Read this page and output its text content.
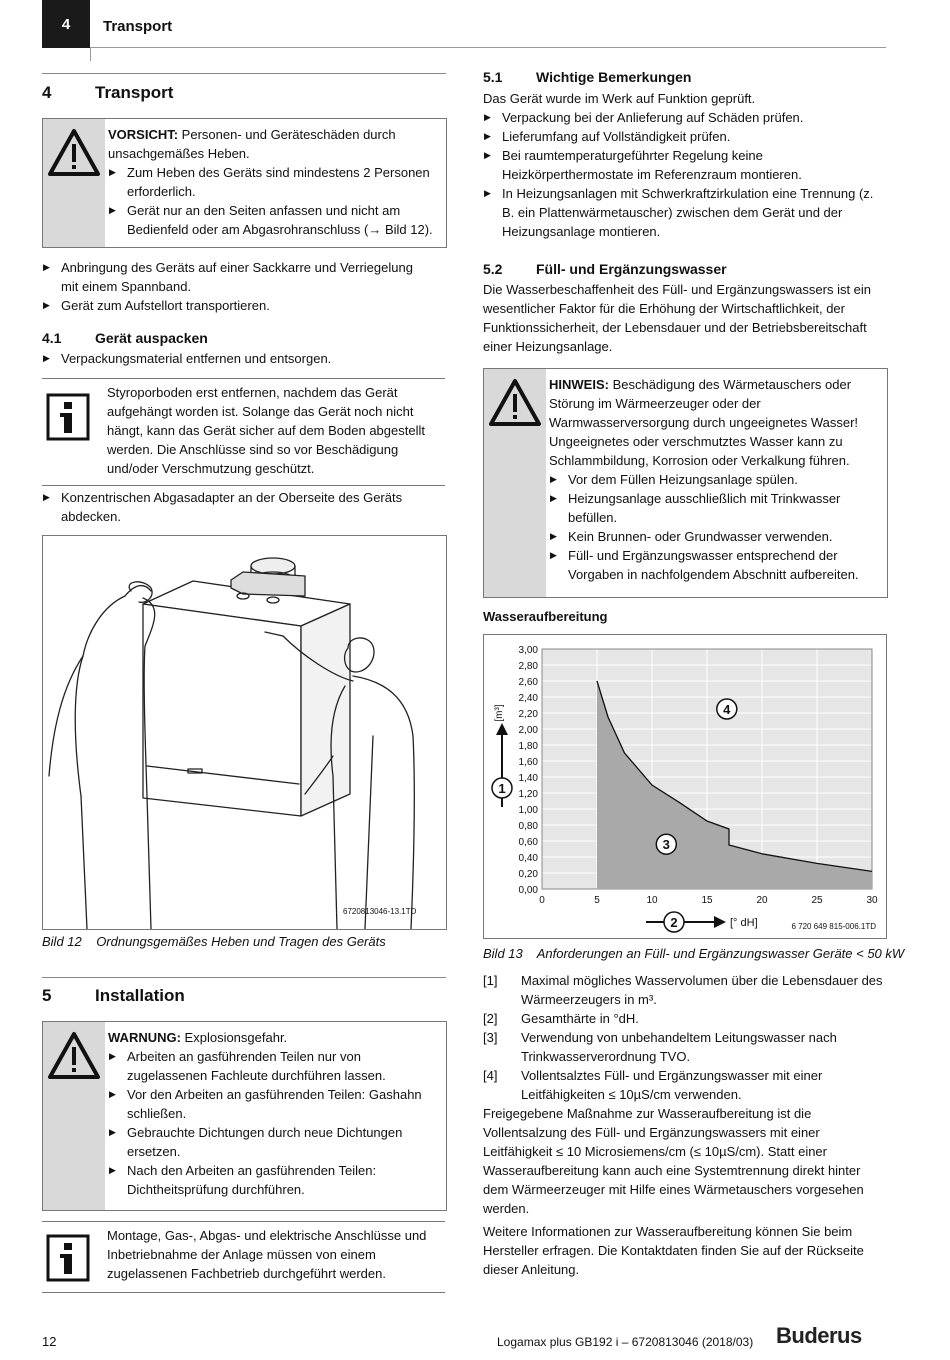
4 Transport
4	Transport

VORSICHT: Personen- und Geräteschäden durch unsachgemäßes Heben.

▶ Zum Heben des Geräts sind mindestens 2 Personen erforderlich.
▶ Gerät nur an den Seiten anfassen und nicht am Bedienfeld oder am Abgasrohranschluss (→ Bild 12).
▶ Anbringung des Geräts auf einer Sackkarre und Verriegelung mit einem Spannband.
▶ Gerät zum Aufstellort transportieren.
4.1 Gerät auspacken
▶ Verpackungsmaterial entfernen und entsorgen.

Styroporboden erst entfernen, nachdem das Gerät aufgehängt worden ist. Solange das Gerät noch nicht hängt, kann das Gerät sicher auf dem Boden abgestellt werden. Die Anschlüsse sind so vor Beschädigung und/oder Verschmutzung geschützt.

▶ Konzentrischen Abgasadapter an der Oberseite des Geräts abdecken.
6720813046-13.1TD
Bild 12    Ordnungsgemäßes Heben und Tragen des Geräts
5	Installation

WARNUNG: Explosionsgefahr.

▶ Arbeiten an gasführenden Teilen nur von zugelassenen Fachleute durchführen lassen.
▶ Vor den Arbeiten an gasführenden Teilen: Gashahn schließen.
▶ Gebrauchte Dichtungen durch neue Dichtungen ersetzen.
▶ Nach den Arbeiten an gasführenden Teilen: Dichtheitsprüfung durchführen.

Montage, Gas-, Abgas- und elektrische Anschlüsse und Inbetriebnahme der Anlage müssen von einem zugelassenen Fachbetrieb durchgeführt werden.

5.1 Wichtige Bemerkungen

Das Gerät wurde im Werk auf Funktion geprüft.

▶ Verpackung bei der Anlieferung auf Schäden prüfen.
▶ Lieferumfang auf Vollständigkeit prüfen.
▶ Bei raumtemperaturgeführter Regelung keine Heizkörperthermostate im Referenzraum montieren.
▶ In Heizungsanlagen mit Schwerkraftzirkulation eine Trennung (z. B. ein Plattenwärmetauscher) zwischen dem Gerät und der Heizungsanlage montieren.
5.2 Füll- und Ergänzungswasser

Die Wasserbeschaffenheit des Füll- und Ergänzungswassers ist ein wesentlicher Faktor für die Erhöhung der Wirtschaftlichkeit, der Funktionssicherheit, der Lebensdauer und der Betriebsbereitschaft einer Heizungsanlage.

HINWEIS: Beschädigung des Wärmetauschers oder Störung im Wärmeerzeuger oder der Warmwasserversorgung durch ungeeignetes Wasser!

Ungeeignetes oder verschmutztes Wasser kann zu Schlammbildung, Korrosion oder Verkalkung führen.

▶ Vor dem Füllen Heizungsanlage spülen.
▶ Heizungsanlage ausschließlich mit Trinkwasser befüllen.
▶ Kein Brunnen- oder Grundwasser verwenden.
▶ Füll- und Ergänzungswasser entsprechend der Vorgaben in nachfolgendem Abschnitt aufbereiten.
Wasseraufbereitung
0,00
0,20
0,40
0,60
0,80
1,00
1,20
1,40
1,60
1,80
2,00
2,20
2,40
2,60
2,80
3,00
0	5	10	15	20	25	30
3
4
1
[m³]
2	[° dH]	6 720 649 815-006.1TD
Bild 13    Anforderungen an Füll- und Ergänzungswasser Geräte < 50 kW
[1] Maximal mögliches Wasservolumen über die Lebensdauer des Wärmeerzeugers in m³.
[2] Gesamthärte in °dH.
[3] Verwendung von unbehandeltem Leitungswasser nach Trinkwasserverordnung TVO.
[4] Vollentsalztes Füll- und Ergänzungswasser mit einer Leitfähigkeiten ≤ 10µS/cm verwenden.

Freigegebene Maßnahme zur Wasseraufbereitung ist die Vollentsalzung des Füll- und Ergänzungswassers mit einer Leitfähigkeit ≤ 10 Microsiemens/cm (≤ 10µS/cm). Statt einer Wasseraufbereitung kann auch eine Systemtrennung direkt hinter dem Wärmeerzeuger mit Hilfe eines Wärmetauschers vorgesehen werden.

Weitere Informationen zur Wasseraufbereitung können Sie beim Hersteller erfragen. Die Kontaktdaten finden Sie auf der Rückseite dieser Anleitung.

12	Logamax plus GB192 i – 6720813046 (2018/03) Buderus
